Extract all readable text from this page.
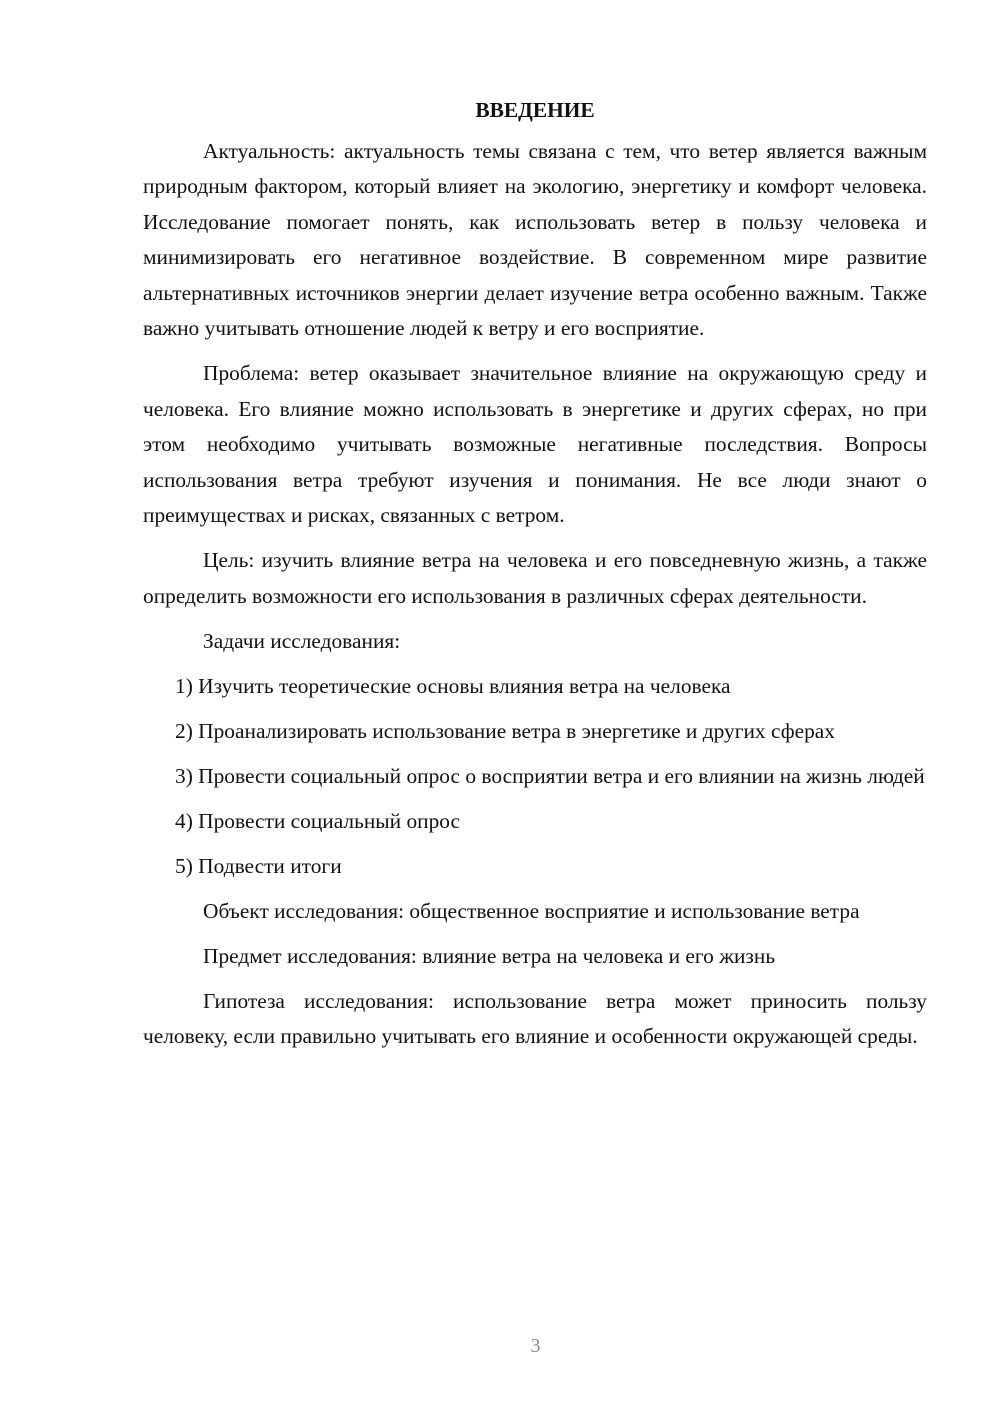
ВВЕДЕНИЕ

Актуальность: актуальность темы связана с тем, что ветер является важным природным фактором, который влияет на экологию, энергетику и комфорт человека. Исследование помогает понять, как использовать ветер в пользу человека и минимизировать его негативное воздействие. В современном мире развитие альтернативных источников энергии делает изучение ветра особенно важным. Также важно учитывать отношение людей к ветру и его восприятие.

Проблема: ветер оказывает значительное влияние на окружающую среду и человека. Его влияние можно использовать в энергетике и других сферах, но при этом необходимо учитывать возможные негативные последствия. Вопросы использования ветра требуют изучения и понимания. Не все люди знают о преимуществах и рисках, связанных с ветром.

Цель: изучить влияние ветра на человека и его повседневную жизнь, а также определить возможности его использования в различных сферах деятельности.

Задачи исследования:

1) Изучить теоретические основы влияния ветра на человека

2) Проанализировать использование ветра в энергетике и других сферах

3) Провести социальный опрос о восприятии ветра и его влиянии на жизнь людей

4) Провести социальный опрос

5) Подвести итоги

Объект исследования: общественное восприятие и использование ветра

Предмет исследования: влияние ветра на человека и его жизнь

Гипотеза исследования: использование ветра может приносить пользу человеку, если правильно учитывать его влияние и особенности окружающей среды.

3
